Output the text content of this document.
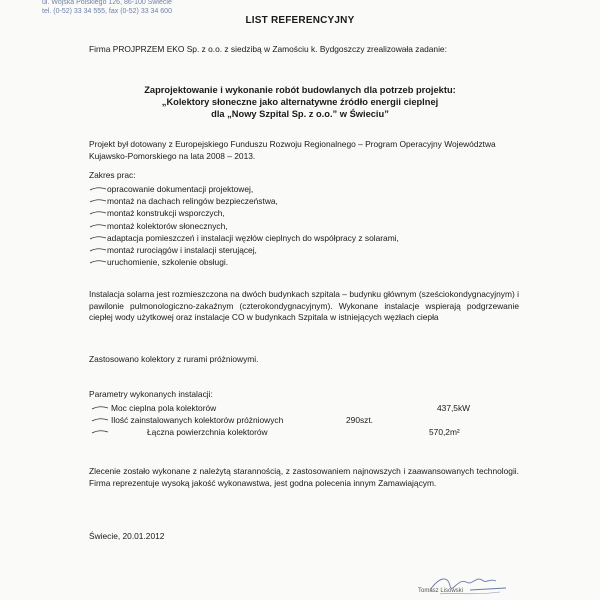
ul. Wojska Polskiego 126, 86-100 Świecie
tel. (0-52) 33 34 555, fax (0-52) 33 34 600
LIST REFERENCYJNY
Firma PROJPRZEM EKO Sp. z o.o. z siedzibą w Zamościu k. Bydgoszczy zrealizowała zadanie:
Zaprojektowanie i wykonanie robót budowlanych dla potrzeb projektu:
„Kolektory słoneczne jako alternatywne źródło energii cieplnej
dla „Nowy Szpital Sp. z o.o.” w Świeciu”
Projekt był dotowany z Europejskiego Funduszu Rozwoju Regionalnego – Program Operacyjny Województwa Kujawsko-Pomorskiego na lata 2008 – 2013.
Zakres prac:
opracowanie dokumentacji projektowej,
montaż na dachach relingów bezpieczeństwa,
montaż konstrukcji wsporczych,
montaż kolektorów słonecznych,
adaptacja pomieszczeń i instalacji węzłów cieplnych do współpracy z solarami,
montaż rurociągów i instalacji sterującej,
uruchomienie, szkolenie obsługi.
Instalacja solarna jest rozmieszczona na dwóch budynkach szpitala – budynku głównym (sześciokondygnacyjnym) i pawilonie pulmonologiczno-zakaźnym (czterokondygnacyjnym). Wykonane instalacje wspierają podgrzewanie ciepłej wody użytkowej oraz instalacje CO w budynkach Szpitala w istniejących węzłach ciepła
Zastosowano kolektory z rurami próżniowymi.
Parametry wykonanych instalacji:
Moc cieplna pola kolektorów	437,5kW
Ilość zainstalowanych kolektorów próżniowych	290szt.
Łączna powierzchnia kolektorów	570,2m²
Zlecenie zostało wykonane z należytą starannością, z zastosowaniem najnowszych i zaawansowanych technologii. Firma reprezentuje wysoką jakość wykonawstwa, jest godna polecenia innym Zamawiającym.
Świecie, 20.01.2012
Tomasz Lisowski
